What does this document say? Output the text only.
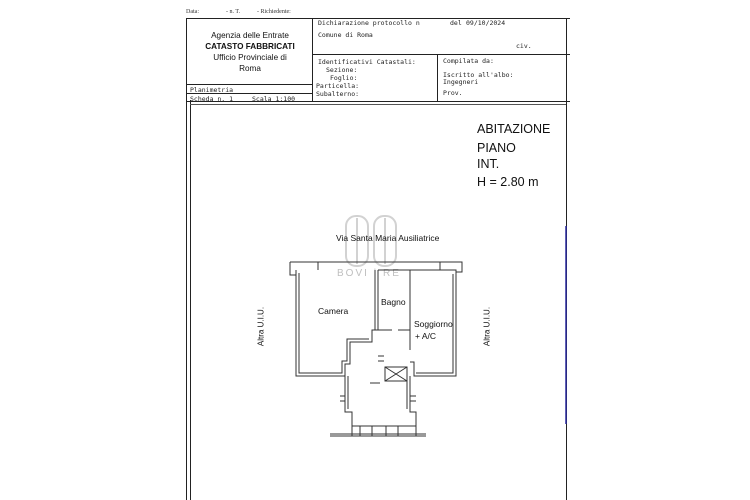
Data:	- n. T.	- Richiedente:
Agenzia delle Entrate
CATASTO FABBRICATI
Ufficio Provinciale di
Roma
Dichiarazione protocollo n	del 09/10/2024
Comune di Roma
civ.
Identificativi Catastali:
Sezione:
Foglio:
Particella:
Subalterno:
Compilata da:
Iscritto all'albo:
Ingegneri
Prov.
Planimetria
Scheda n. 1	Scala 1:100
ABITAZIONE
PIANO
INT.
H = 2.80 m
BOVI | RE
Via Santa Maria Ausiliatrice
Camera
Bagno
Soggiorno
+ A/C
Altra U.I.U.	Altra U.I.U.
